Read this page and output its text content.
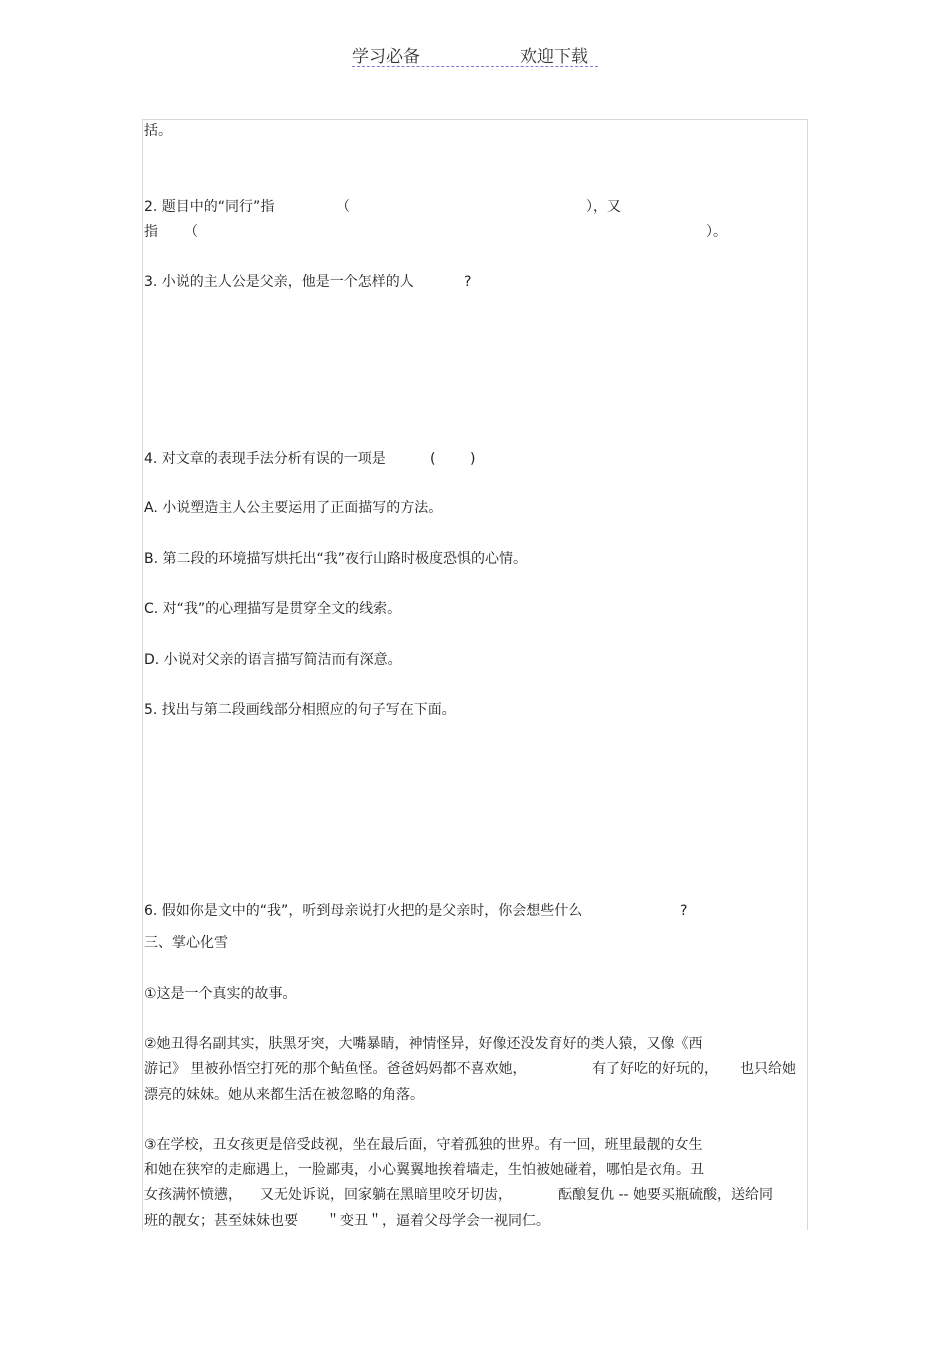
学习必备	欢迎下载
括。
2. 题目中的“同行”指	（	），又
指 （	）。
3. 小说的主人公是父亲，他是一个怎样的人	?
4. 对文章的表现手法分析有误的一项是	( )
A. 小说塑造主人公主要运用了正面描写的方法。
B. 第二段的环境描写烘托出“我”夜行山路时极度恐惧的心情。
C. 对“我”的心理描写是贯穿全文的线索。
D. 小说对父亲的语言描写简洁而有深意。
5. 找出与第二段画线部分相照应的句子写在下面。
6. 假如你是文中的“我”，听到母亲说打火把的是父亲时，你会想些什么	?
三、掌心化雪
①这是一个真实的故事。
②她丑得名副其实，肤黑牙突，大嘴暴睛，神情怪异，好像还没发育好的类人猿，又像《西
游记》 里被孙悟空打死的那个鲇鱼怪。爸爸妈妈都不喜欢她，	有了好吃的好玩的， 也只给她
漂亮的妹妹。她从来都生活在被忽略的角落。
③在学校，丑女孩更是倍受歧视，坐在最后面，守着孤独的世界。有一回，班里最靓的女生
和她在狭窄的走廊遇上，一脸鄙夷，小心翼翼地挨着墙走，生怕被她碰着，哪怕是衣角。丑
女孩满怀愤懑， 又无处诉说，回家躺在黑暗里咬牙切齿，	酝酿复仇 -- 她要买瓶硫酸，送给同
班的靓女；甚至妹妹也要 ＂变丑＂，逼着父母学会一视同仁。
